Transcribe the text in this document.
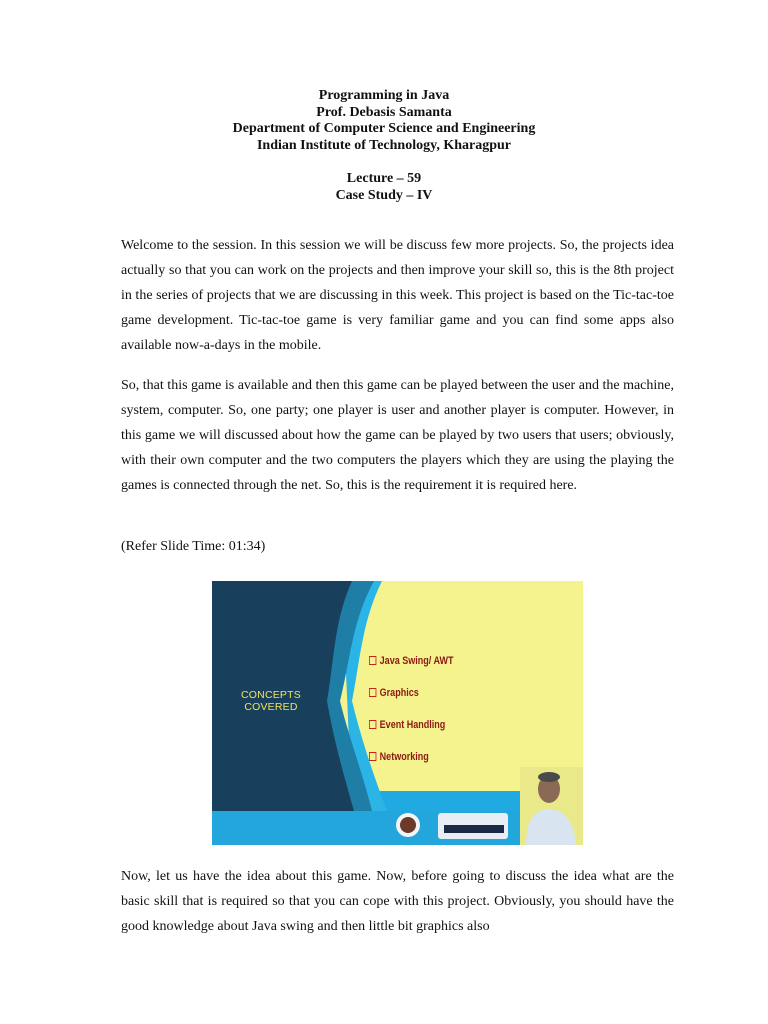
Programming in Java
Prof. Debasis Samanta
Department of Computer Science and Engineering
Indian Institute of Technology, Kharagpur
Lecture – 59
Case Study – IV

Welcome to the session. In this session we will be discuss few more projects. So, the projects idea actually so that you can work on the projects and then improve your skill so, this is the 8th project in the series of projects that we are discussing in this week. This project is based on the Tic-tac-toe game development. Tic-tac-toe game is very familiar game and you can find some apps also available now-a-days in the mobile.

So, that this game is available and then this game can be played between the user and the machine, system, computer. So, one party; one player is user and another player is computer. However, in this game we will discussed about how the game can be played by two users that users; obviously, with their own computer and the two computers the players which they are using the playing the games is connected through the net. So, this is the requirement it is required here.

(Refer Slide Time: 01:34)

CONCEPTS COVERED
Java Swing/ AWT
Graphics
Event Handling
Networking

Now, let us have the idea about this game. Now, before going to discuss the idea what are the basic skill that is required so that you can cope with this project. Obviously, you should have the good knowledge about Java swing and then little bit graphics also
